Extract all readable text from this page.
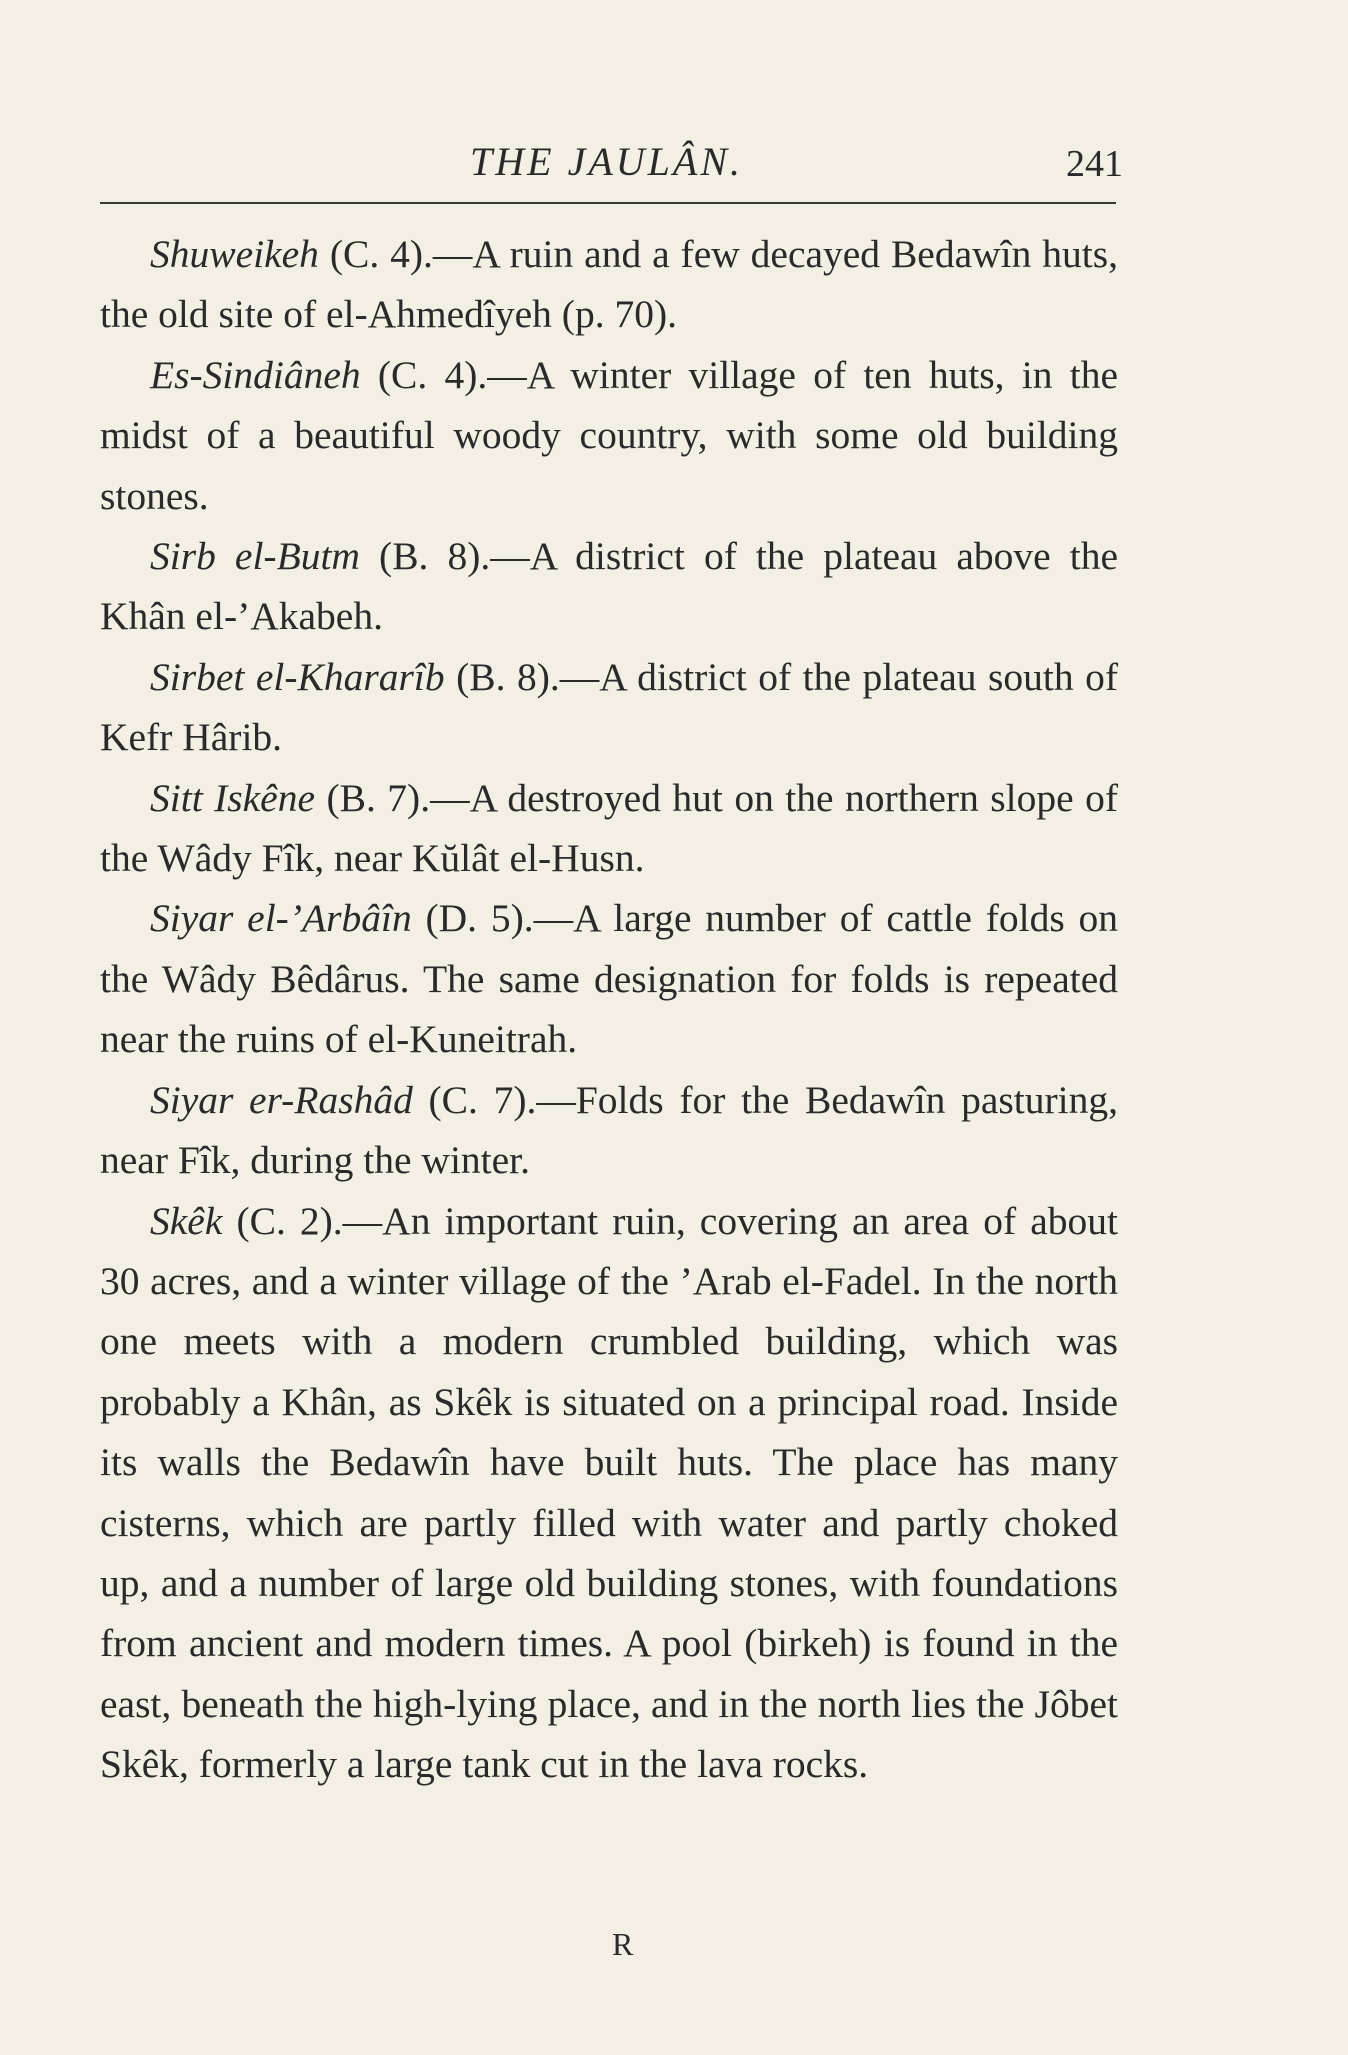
THE JAULÂN.	241

Shuweikeh (C. 4).—A ruin and a few decayed Bedawîn huts, the old site of el-Ahmedîyeh (p. 70).

Es-Sindiâneh (C. 4).—A winter village of ten huts, in the midst of a beautiful woody country, with some old building stones.

Sirb el-Butm (B. 8).—A district of the plateau above the Khân el-’Akabeh.

Sirbet el-Khararîb (B. 8).—A district of the plateau south of Kefr Hârib.

Sitt Iskêne (B. 7).—A destroyed hut on the northern slope of the Wâdy Fîk, near Kŭlât el-Husn.

Siyar el-’Arbâîn (D. 5).—A large number of cattle folds on the Wâdy Bêdârus. The same designation for folds is repeated near the ruins of el-Kuneitrah.

Siyar er-Rashâd (C. 7).—Folds for the Bedawîn pasturing, near Fîk, during the winter.

Skêk (C. 2).—An important ruin, covering an area of about 30 acres, and a winter village of the ’Arab el-Fadel. In the north one meets with a modern crumbled building, which was probably a Khân, as Skêk is situated on a principal road. Inside its walls the Bedawîn have built huts. The place has many cisterns, which are partly filled with water and partly choked up, and a number of large old building stones, with foundations from ancient and modern times. A pool (birkeh) is found in the east, beneath the high-lying place, and in the north lies the Jôbet Skêk, formerly a large tank cut in the lava rocks.

R
